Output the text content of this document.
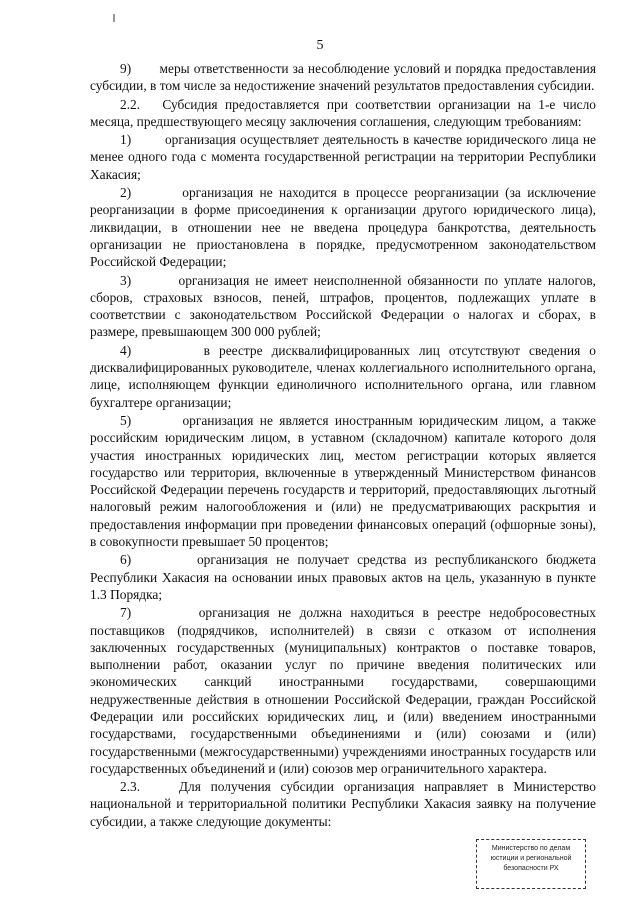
5

9)       меры ответственности за несоблюдение условий и порядка предоставления субсидии, в том числе за недостижение значений результатов предоставления субсидии.

2.2.   Субсидия предоставляется при соответствии организации на 1-е число месяца, предшествующего месяцу заключения соглашения, следующим требованиям:

1)        организация осуществляет деятельность в качестве юридического лица не менее одного года с момента государственной регистрации на территории Республики Хакасия;

2)        организация не находится в процессе реорганизации (за исключение реорганизации в форме присоединения к организации другого юридического лица), ликвидации, в отношении нее не введена процедура банкротства, деятельность организации не приостановлена в порядке, предусмотренном законодательством Российской Федерации;

3)        организация не имеет неисполненной обязанности по уплате налогов, сборов, страховых взносов, пеней, штрафов, процентов, подлежащих уплате в соответствии с законодательством Российской Федерации о налогах и сборах, в размере, превышающем 300 000 рублей;

4)        в реестре дисквалифицированных лиц отсутствуют сведения о дисквалифицированных руководителе, членах коллегиального исполнительного органа, лице, исполняющем функции единоличного исполнительного органа, или главном бухгалтере организации;

5)        организация не является иностранным юридическим лицом, а также российским юридическим лицом, в уставном (складочном) капитале которого доля участия иностранных юридических лиц, местом регистрации которых является государство или территория, включенные в утвержденный Министерством финансов Российской Федерации перечень государств и территорий, предоставляющих льготный налоговый режим налогообложения и (или) не предусматривающих раскрытия и предоставления информации при проведении финансовых операций (офшорные зоны), в совокупности превышает 50 процентов;

6)        организация не получает средства из республиканского бюджета Республики Хакасия на основании иных правовых актов на цель, указанную в пункте 1.3 Порядка;

7)        организация не должна находиться в реестре недобросовестных поставщиков (подрядчиков, исполнителей) в связи с отказом от исполнения заключенных государственных (муниципальных) контрактов о поставке товаров, выполнении работ, оказании услуг по причине введения политических или экономических санкций иностранными государствами, совершающими недружественные действия в отношении Российской Федерации, граждан Российской Федерации или российских юридических лиц, и (или) введением иностранными государствами, государственными объединениями и (или) союзами и (или) государственными (межгосударственными) учреждениями иностранных государств или государственных объединений и (или) союзов мер ограничительного характера.

2.3.    Для получения субсидии организация направляет в Министерство национальной и территориальной политики Республики Хакасия заявку на получение субсидии, а также следующие документы:

Министерство по делам
юстиции и региональной
безопасности РХ
